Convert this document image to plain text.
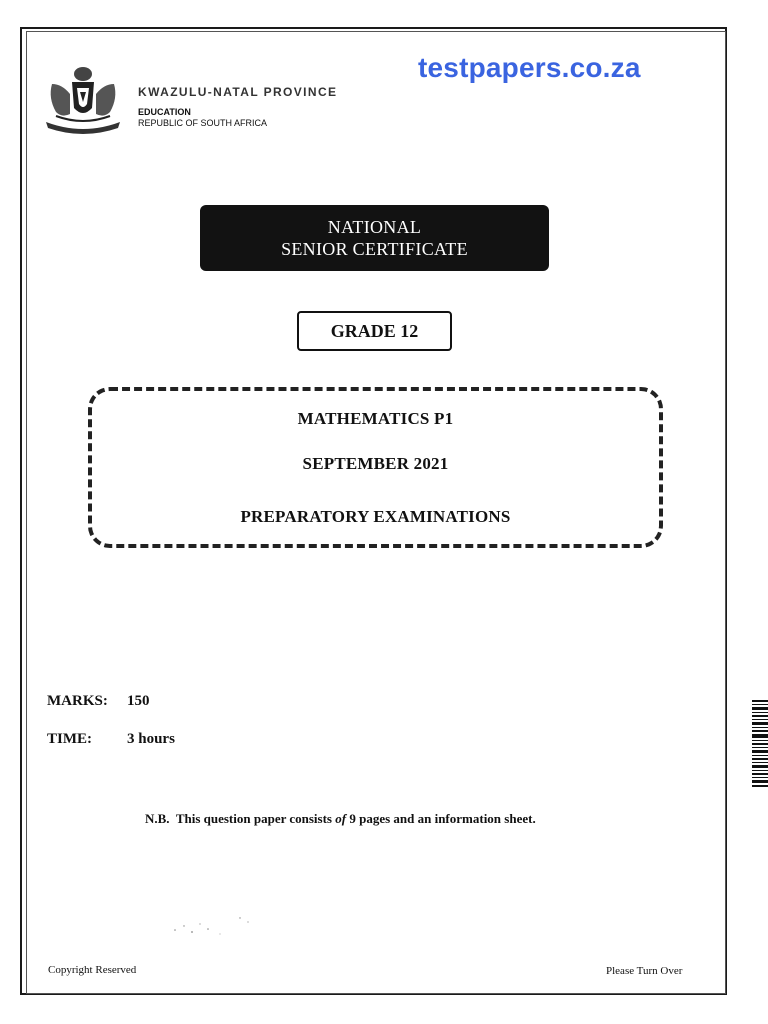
KWAZULU-NATAL PROVINCE
EDUCATION
REPUBLIC OF SOUTH AFRICA
testpapers.co.za
NATIONAL
SENIOR CERTIFICATE
GRADE 12
MATHEMATICS P1
SEPTEMBER 2021
PREPARATORY EXAMINATIONS
MARKS: 150
TIME: 3 hours
N.B.  This question paper consists of 9 pages and an information sheet.
Copyright Reserved	Please Turn Over
